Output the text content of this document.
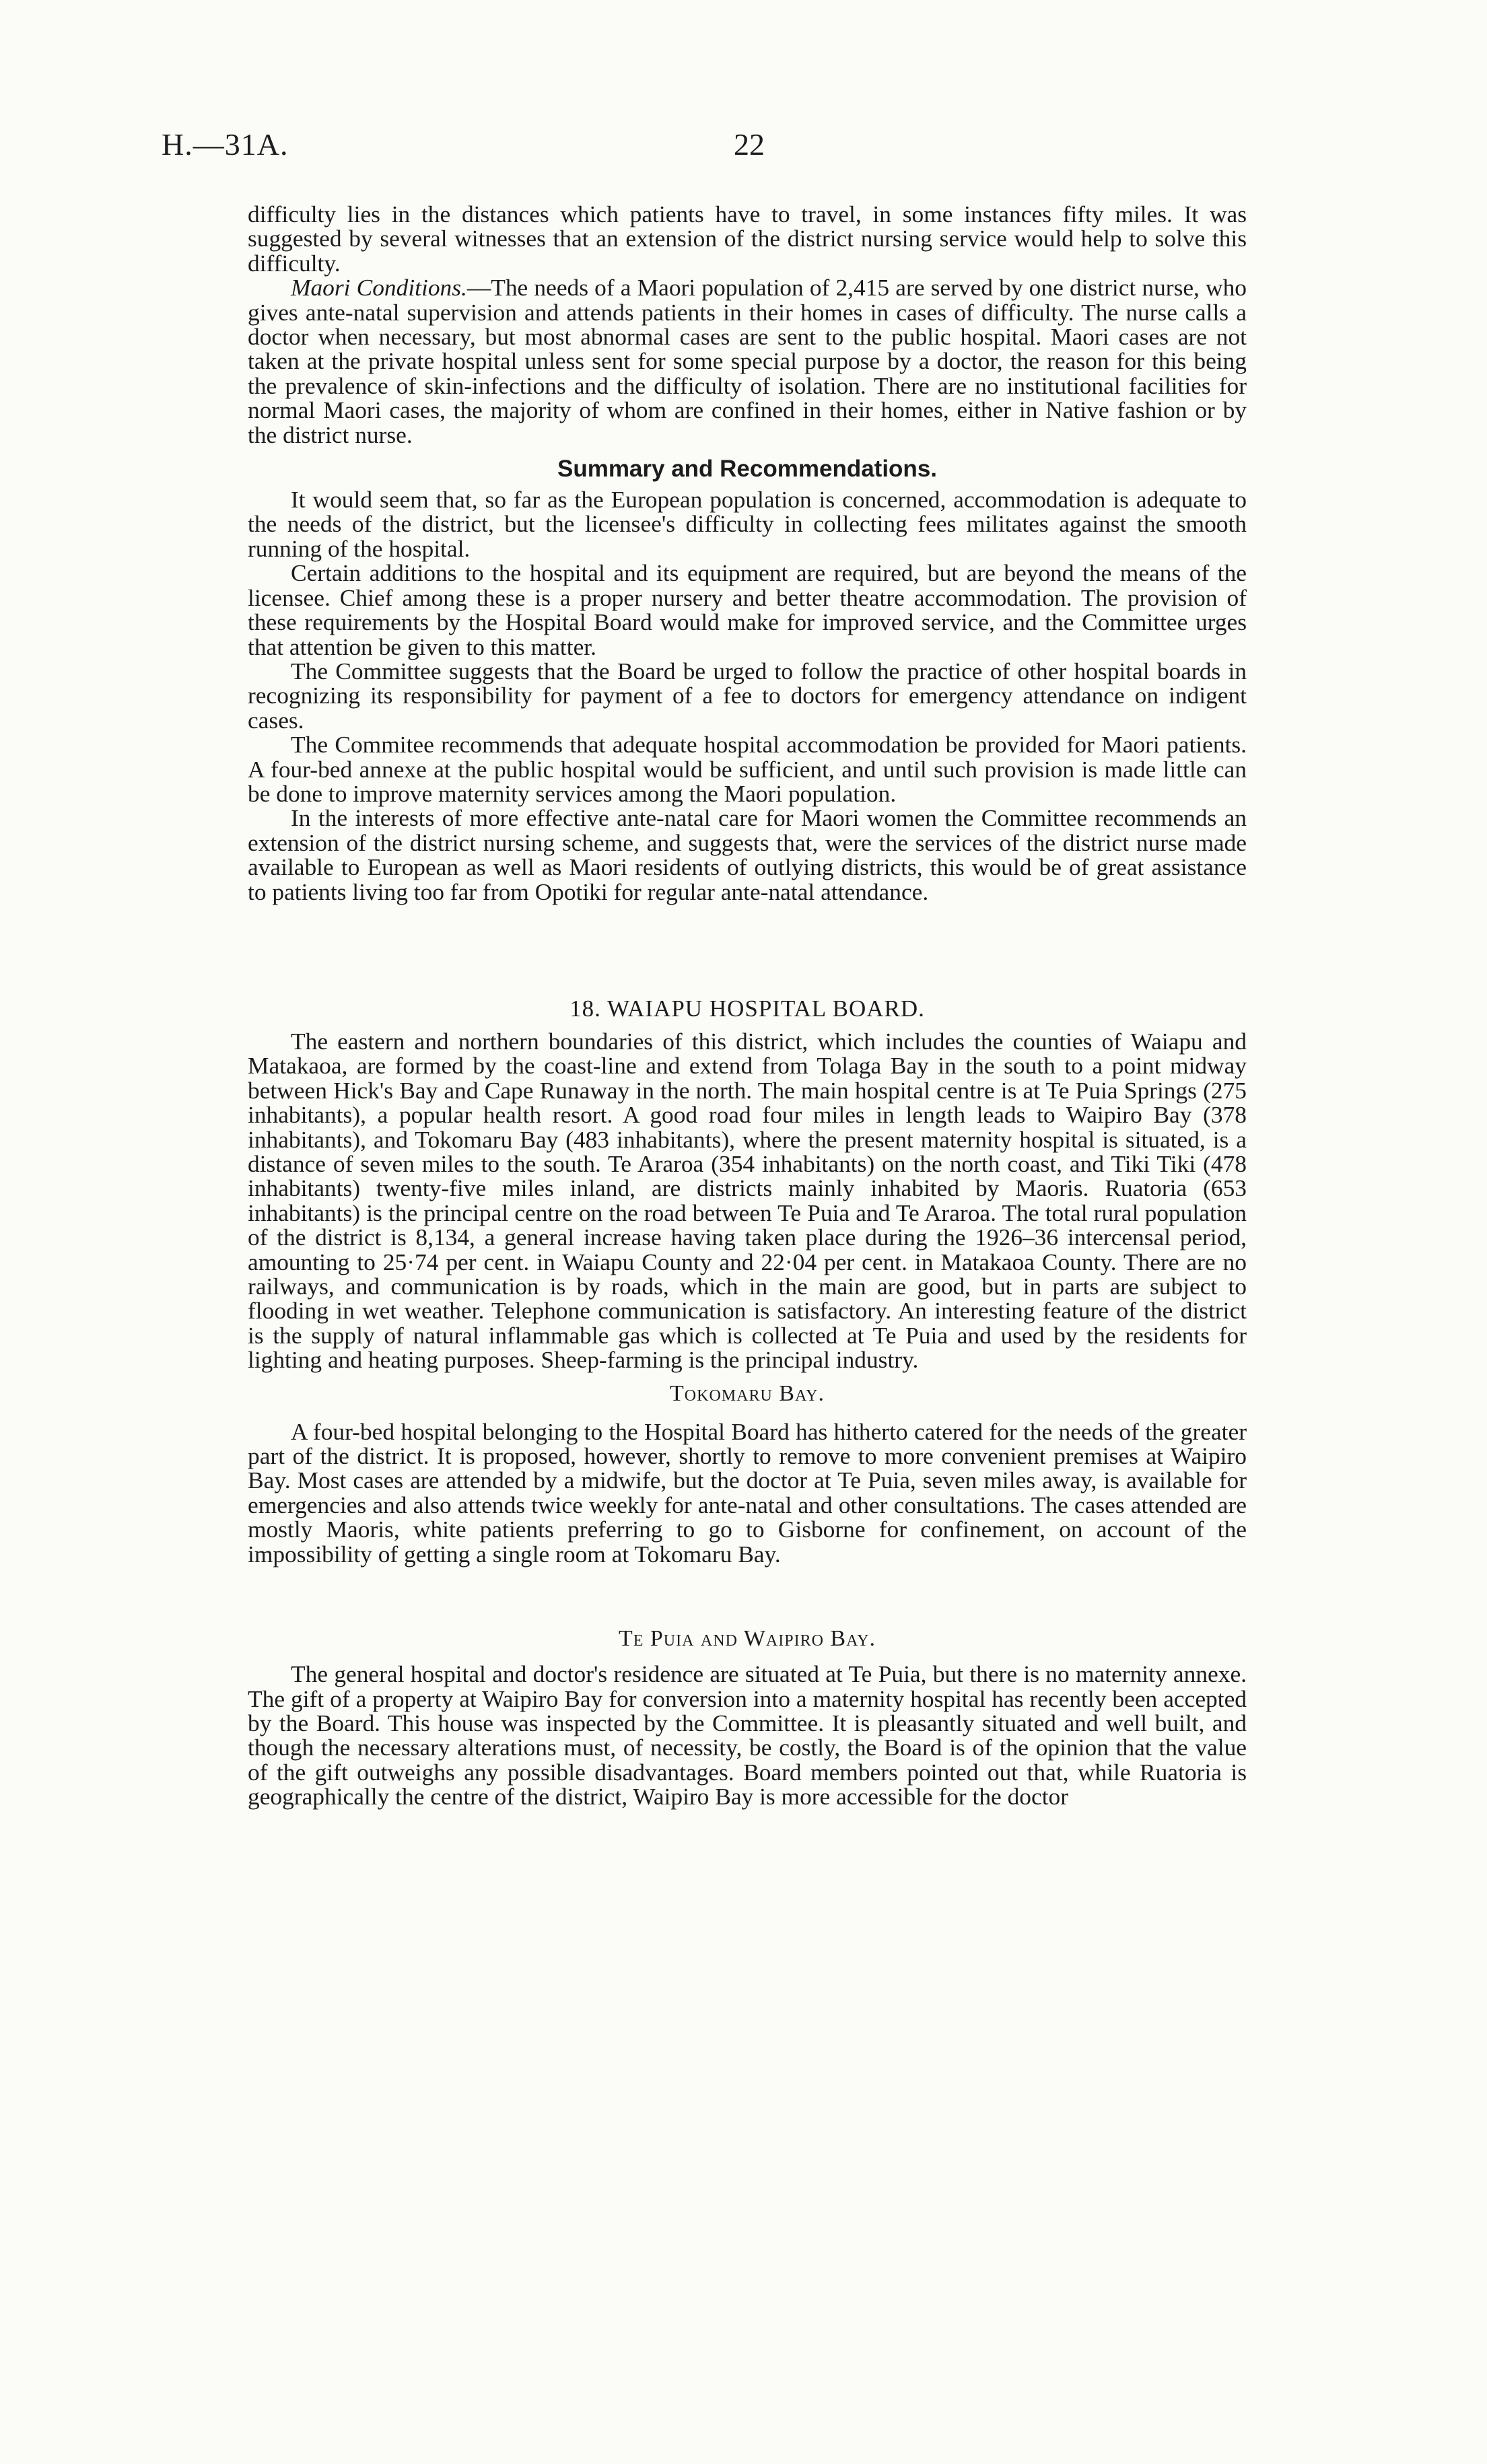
H.—31A.	22

difficulty lies in the distances which patients have to travel, in some instances fifty miles. It was suggested by several witnesses that an extension of the district nursing service would help to solve this difficulty.

Maori Conditions.—The needs of a Maori population of 2,415 are served by one district nurse, who gives ante-natal supervision and attends patients in their homes in cases of difficulty. The nurse calls a doctor when necessary, but most abnormal cases are sent to the public hospital. Maori cases are not taken at the private hospital unless sent for some special purpose by a doctor, the reason for this being the prevalence of skin-infections and the difficulty of isolation. There are no institutional facilities for normal Maori cases, the majority of whom are confined in their homes, either in Native fashion or by the district nurse.

Summary and Recommendations.

It would seem that, so far as the European population is concerned, accommodation is adequate to the needs of the district, but the licensee's difficulty in collecting fees militates against the smooth running of the hospital.

Certain additions to the hospital and its equipment are required, but are beyond the means of the licensee. Chief among these is a proper nursery and better theatre accommodation. The provision of these requirements by the Hospital Board would make for improved service, and the Committee urges that attention be given to this matter.

The Committee suggests that the Board be urged to follow the practice of other hospital boards in recognizing its responsibility for payment of a fee to doctors for emergency attendance on indigent cases.

The Commitee recommends that adequate hospital accommodation be provided for Maori patients. A four-bed annexe at the public hospital would be sufficient, and until such provision is made little can be done to improve maternity services among the Maori population.

In the interests of more effective ante-natal care for Maori women the Committee recommends an extension of the district nursing scheme, and suggests that, were the services of the district nurse made available to European as well as Maori residents of outlying districts, this would be of great assistance to patients living too far from Opotiki for regular ante-natal attendance.

18. WAIAPU HOSPITAL BOARD.

The eastern and northern boundaries of this district, which includes the counties of Waiapu and Matakaoa, are formed by the coast-line and extend from Tolaga Bay in the south to a point midway between Hick's Bay and Cape Runaway in the north. The main hospital centre is at Te Puia Springs (275 inhabitants), a popular health resort. A good road four miles in length leads to Waipiro Bay (378 inhabitants), and Tokomaru Bay (483 inhabitants), where the present maternity hospital is situated, is a distance of seven miles to the south. Te Araroa (354 inhabitants) on the north coast, and Tiki Tiki (478 inhabitants) twenty-five miles inland, are districts mainly inhabited by Maoris. Ruatoria (653 inhabitants) is the principal centre on the road between Te Puia and Te Araroa. The total rural population of the district is 8,134, a general increase having taken place during the 1926–36 intercensal period, amounting to 25·74 per cent. in Waiapu County and 22·04 per cent. in Matakaoa County. There are no railways, and communication is by roads, which in the main are good, but in parts are subject to flooding in wet weather. Telephone communication is satisfactory. An interesting feature of the district is the supply of natural inflammable gas which is collected at Te Puia and used by the residents for lighting and heating purposes. Sheep-farming is the principal industry.

Tokomaru Bay.

A four-bed hospital belonging to the Hospital Board has hitherto catered for the needs of the greater part of the district. It is proposed, however, shortly to remove to more convenient premises at Waipiro Bay. Most cases are attended by a midwife, but the doctor at Te Puia, seven miles away, is available for emergencies and also attends twice weekly for ante-natal and other consultations. The cases attended are mostly Maoris, white patients preferring to go to Gisborne for confinement, on account of the impossibility of getting a single room at Tokomaru Bay.

Te Puia and Waipiro Bay.

The general hospital and doctor's residence are situated at Te Puia, but there is no maternity annexe. The gift of a property at Waipiro Bay for conversion into a maternity hospital has recently been accepted by the Board. This house was inspected by the Committee. It is pleasantly situated and well built, and though the necessary alterations must, of necessity, be costly, the Board is of the opinion that the value of the gift outweighs any possible disadvantages. Board members pointed out that, while Ruatoria is geographically the centre of the district, Waipiro Bay is more accessible for the doctor
